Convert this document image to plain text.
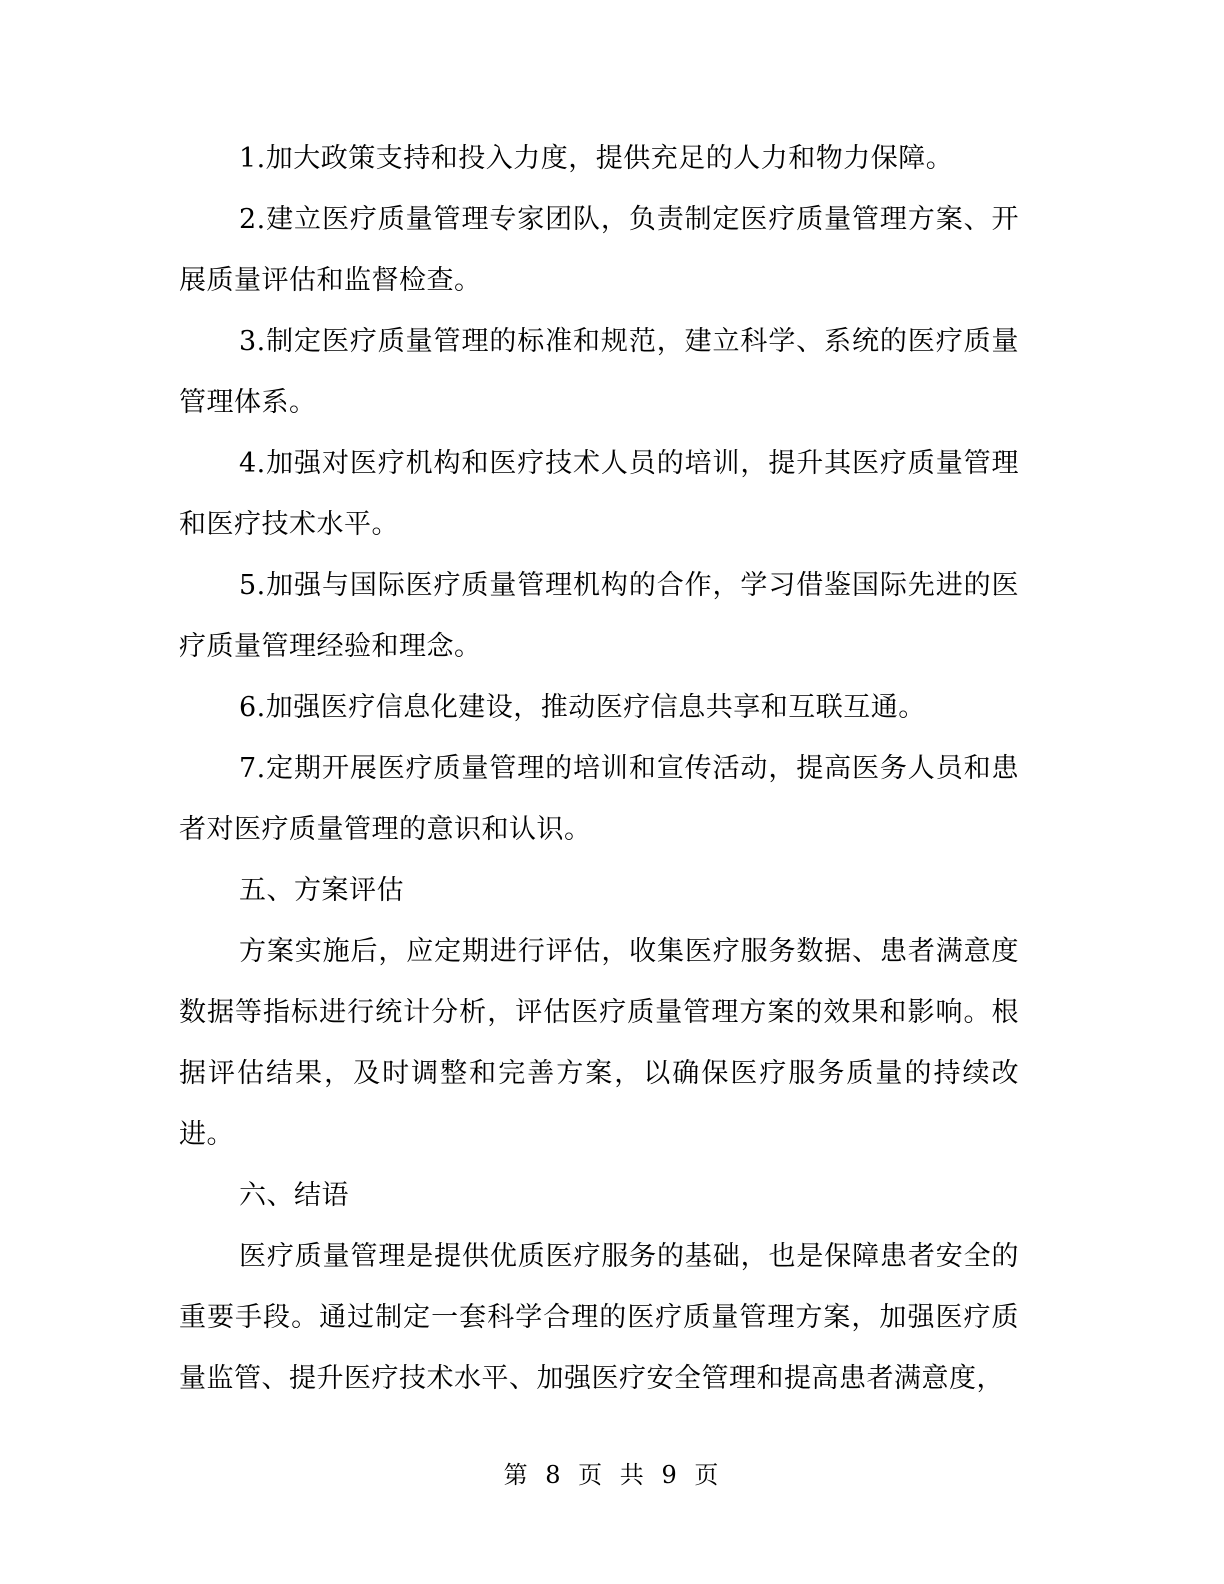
1.加大政策支持和投入力度，提供充足的人力和物力保障。

2.建立医疗质量管理专家团队，负责制定医疗质量管理方案、开展质量评估和监督检查。

3.制定医疗质量管理的标准和规范，建立科学、系统的医疗质量管理体系。

4.加强对医疗机构和医疗技术人员的培训，提升其医疗质量管理和医疗技术水平。

5.加强与国际医疗质量管理机构的合作，学习借鉴国际先进的医疗质量管理经验和理念。

6.加强医疗信息化建设，推动医疗信息共享和互联互通。

7.定期开展医疗质量管理的培训和宣传活动，提高医务人员和患者对医疗质量管理的意识和认识。

五、方案评估

方案实施后，应定期进行评估，收集医疗服务数据、患者满意度数据等指标进行统计分析，评估医疗质量管理方案的效果和影响。根据评估结果，及时调整和完善方案，以确保医疗服务质量的持续改进。

六、结语

医疗质量管理是提供优质医疗服务的基础，也是保障患者安全的重要手段。通过制定一套科学合理的医疗质量管理方案，加强医疗质量监管、提升医疗技术水平、加强医疗安全管理和提高患者满意度，

第 8 页 共 9 页
